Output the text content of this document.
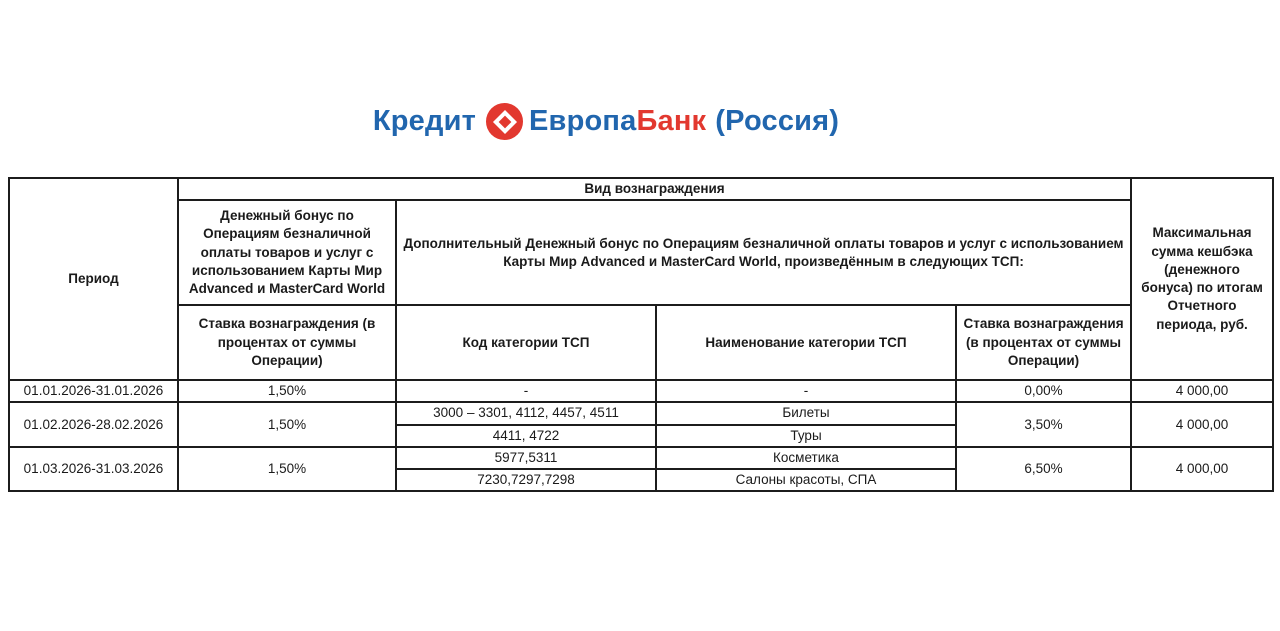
Кредит Европа Банк (Россия)
Период	Вид вознаграждения				Максимальная сумма кешбэка (денежного бонуса) по итогам Отчетного периода, руб.
	Денежный бонус по Операциям безналичной оплаты товаров и услуг с использованием Карты Мир Advanced и MasterCard World	Дополнительный Денежный бонус по Операциям безналичной оплаты товаров и услуг с использованием Карты Мир Advanced и MasterCard World, произведённым в следующих ТСП:			
	Ставка вознаграждения (в процентах от суммы Операции)	Код категории ТСП	Наименование категории ТСП	Ставка вознаграждения (в процентах от суммы Операции)	
01.01.2026-31.01.2026	1,50%	-	-	0,00%	4 000,00
01.02.2026-28.02.2026	1,50%	3000 – 3301, 4112, 4457, 4511	Билеты	3,50%	4 000,00
		4411, 4722	Туры		
01.03.2026-31.03.2026	1,50%	5977,5311	Косметика	6,50%	4 000,00
		7230,7297,7298	Салоны красоты, СПА		
